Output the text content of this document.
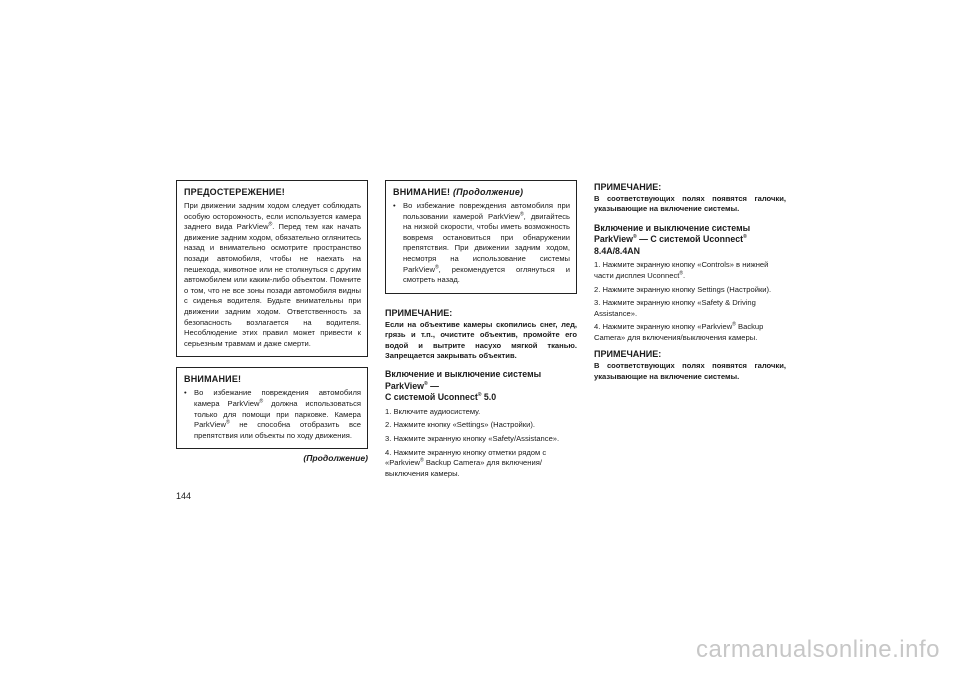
ПРЕДОСТЕРЕЖЕНИЕ!

При движении задним ходом следует соблюдать особую осторожность, если используется камера заднего вида ParkView®. Перед тем как начать движение задним ходом, обязательно оглянитесь назад и внимательно осмотрите пространство позади автомобиля, чтобы не наехать на пешехода, животное или не столкнуться с другим автомобилем или каким-либо объектом. Помните о том, что не все зоны позади автомобиля видны с сиденья водителя. Будьте внимательны при движении задним ходом. Ответственность за безопасность возлагается на водителя. Несоблюдение этих правил может привести к серьезным травмам и даже смерти.

ВНИМАНИЕ!
• Во избежание повреждения автомобиля камера ParkView® должна использоваться только для помощи при парковке. Камера ParkView® не способна отобразить все препятствия или объекты по ходу движения.
(Продолжение)
ВНИМАНИЕ! (Продолжение)
• Во избежание повреждения автомобиля при пользовании камерой ParkView®, двигайтесь на низкой скорости, чтобы иметь возможность вовремя остановиться при обнаружении препятствия. При движении задним ходом, несмотря на использование системы ParkView®, рекомендуется оглянуться и смотреть назад.
ПРИМЕЧАНИЕ:

Если на объективе камеры скопились снег, лед, грязь и т.п., очистите объектив, промойте его водой и вытрите насухо мягкой тканью. Запрещается закрывать объектив.

Включение и выключение системы ParkView® —
С системой Uconnect® 5.0

1. Включите аудиосистему.

2. Нажмите кнопку «Settings» (Настройки).

3. Нажмите экранную кнопку «Safety/Assistance».

4. Нажмите экранную кнопку отметки рядом с «Parkview® Backup Camera» для включения/выключения камеры.

ПРИМЕЧАНИЕ:

В соответствующих полях появятся галочки, указывающие на включение системы.

Включение и выключение системы
ParkView® — С системой Uconnect® 8.4A/8.4AN

1. Нажмите экранную кнопку «Controls» в нижней части дисплея Uconnect®.

2. Нажмите экранную кнопку Settings (Настройки).

3. Нажмите экранную кнопку «Safety & Driving Assistance».

4. Нажмите экранную кнопку «Parkview® Backup Camera» для включения/выключения камеры.

ПРИМЕЧАНИЕ:

В соответствующих полях появятся галочки, указывающие на включение системы.

144
carmanualsonline.info
